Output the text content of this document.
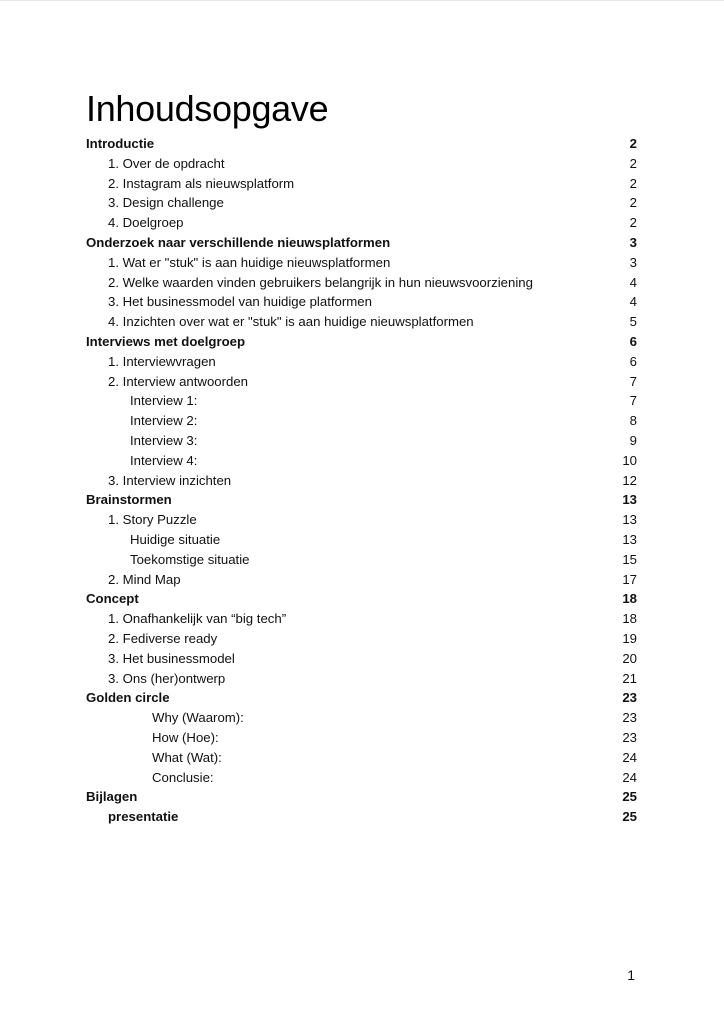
Inhoudsopgave
Introductie	2
1. Over de opdracht	2
2. Instagram als nieuwsplatform	2
3. Design challenge	2
4. Doelgroep	2
Onderzoek naar verschillende nieuwsplatformen	3
1. Wat er "stuk" is aan huidige nieuwsplatformen	3
2. Welke waarden vinden gebruikers belangrijk in hun nieuwsvoorziening	4
3. Het businessmodel van huidige platformen	4
4. Inzichten over wat er "stuk" is aan huidige nieuwsplatformen	5
Interviews met doelgroep	6
1. Interviewvragen	6
2. Interview antwoorden	7
Interview 1:	7
Interview 2:	8
Interview 3:	9
Interview 4:	10
3. Interview inzichten	12
Brainstormen	13
1. Story Puzzle	13
Huidige situatie	13
Toekomstige situatie	15
2. Mind Map	17
Concept	18
1. Onafhankelijk van “big tech”	18
2. Fediverse ready	19
3. Het businessmodel	20
3. Ons (her)ontwerp	21
Golden circle	23
Why (Waarom):	23
How (Hoe):	23
What (Wat):	24
Conclusie:	24
Bijlagen	25
presentatie	25
1
